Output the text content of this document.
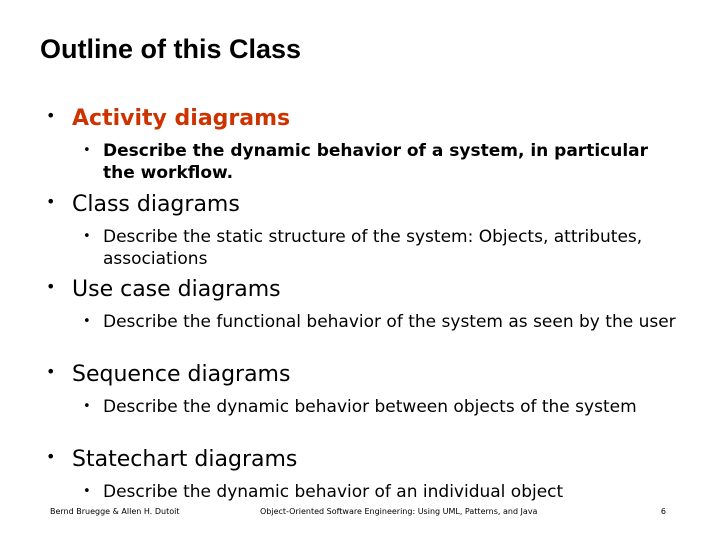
Outline of this Class
• Activity diagrams
• Describe the dynamic behavior of a system, in particular the workflow.
• Class diagrams
• Describe the static structure of the system: Objects, attributes, associations
• Use case diagrams
• Describe the functional behavior of the system as seen by the user
• Sequence diagrams
• Describe the dynamic behavior between objects of the system
• Statechart diagrams
• Describe the dynamic behavior of an individual object
Bernd Bruegge & Allen H. Dutoit	Object-Oriented Software Engineering: Using UML, Patterns, and Java	6
